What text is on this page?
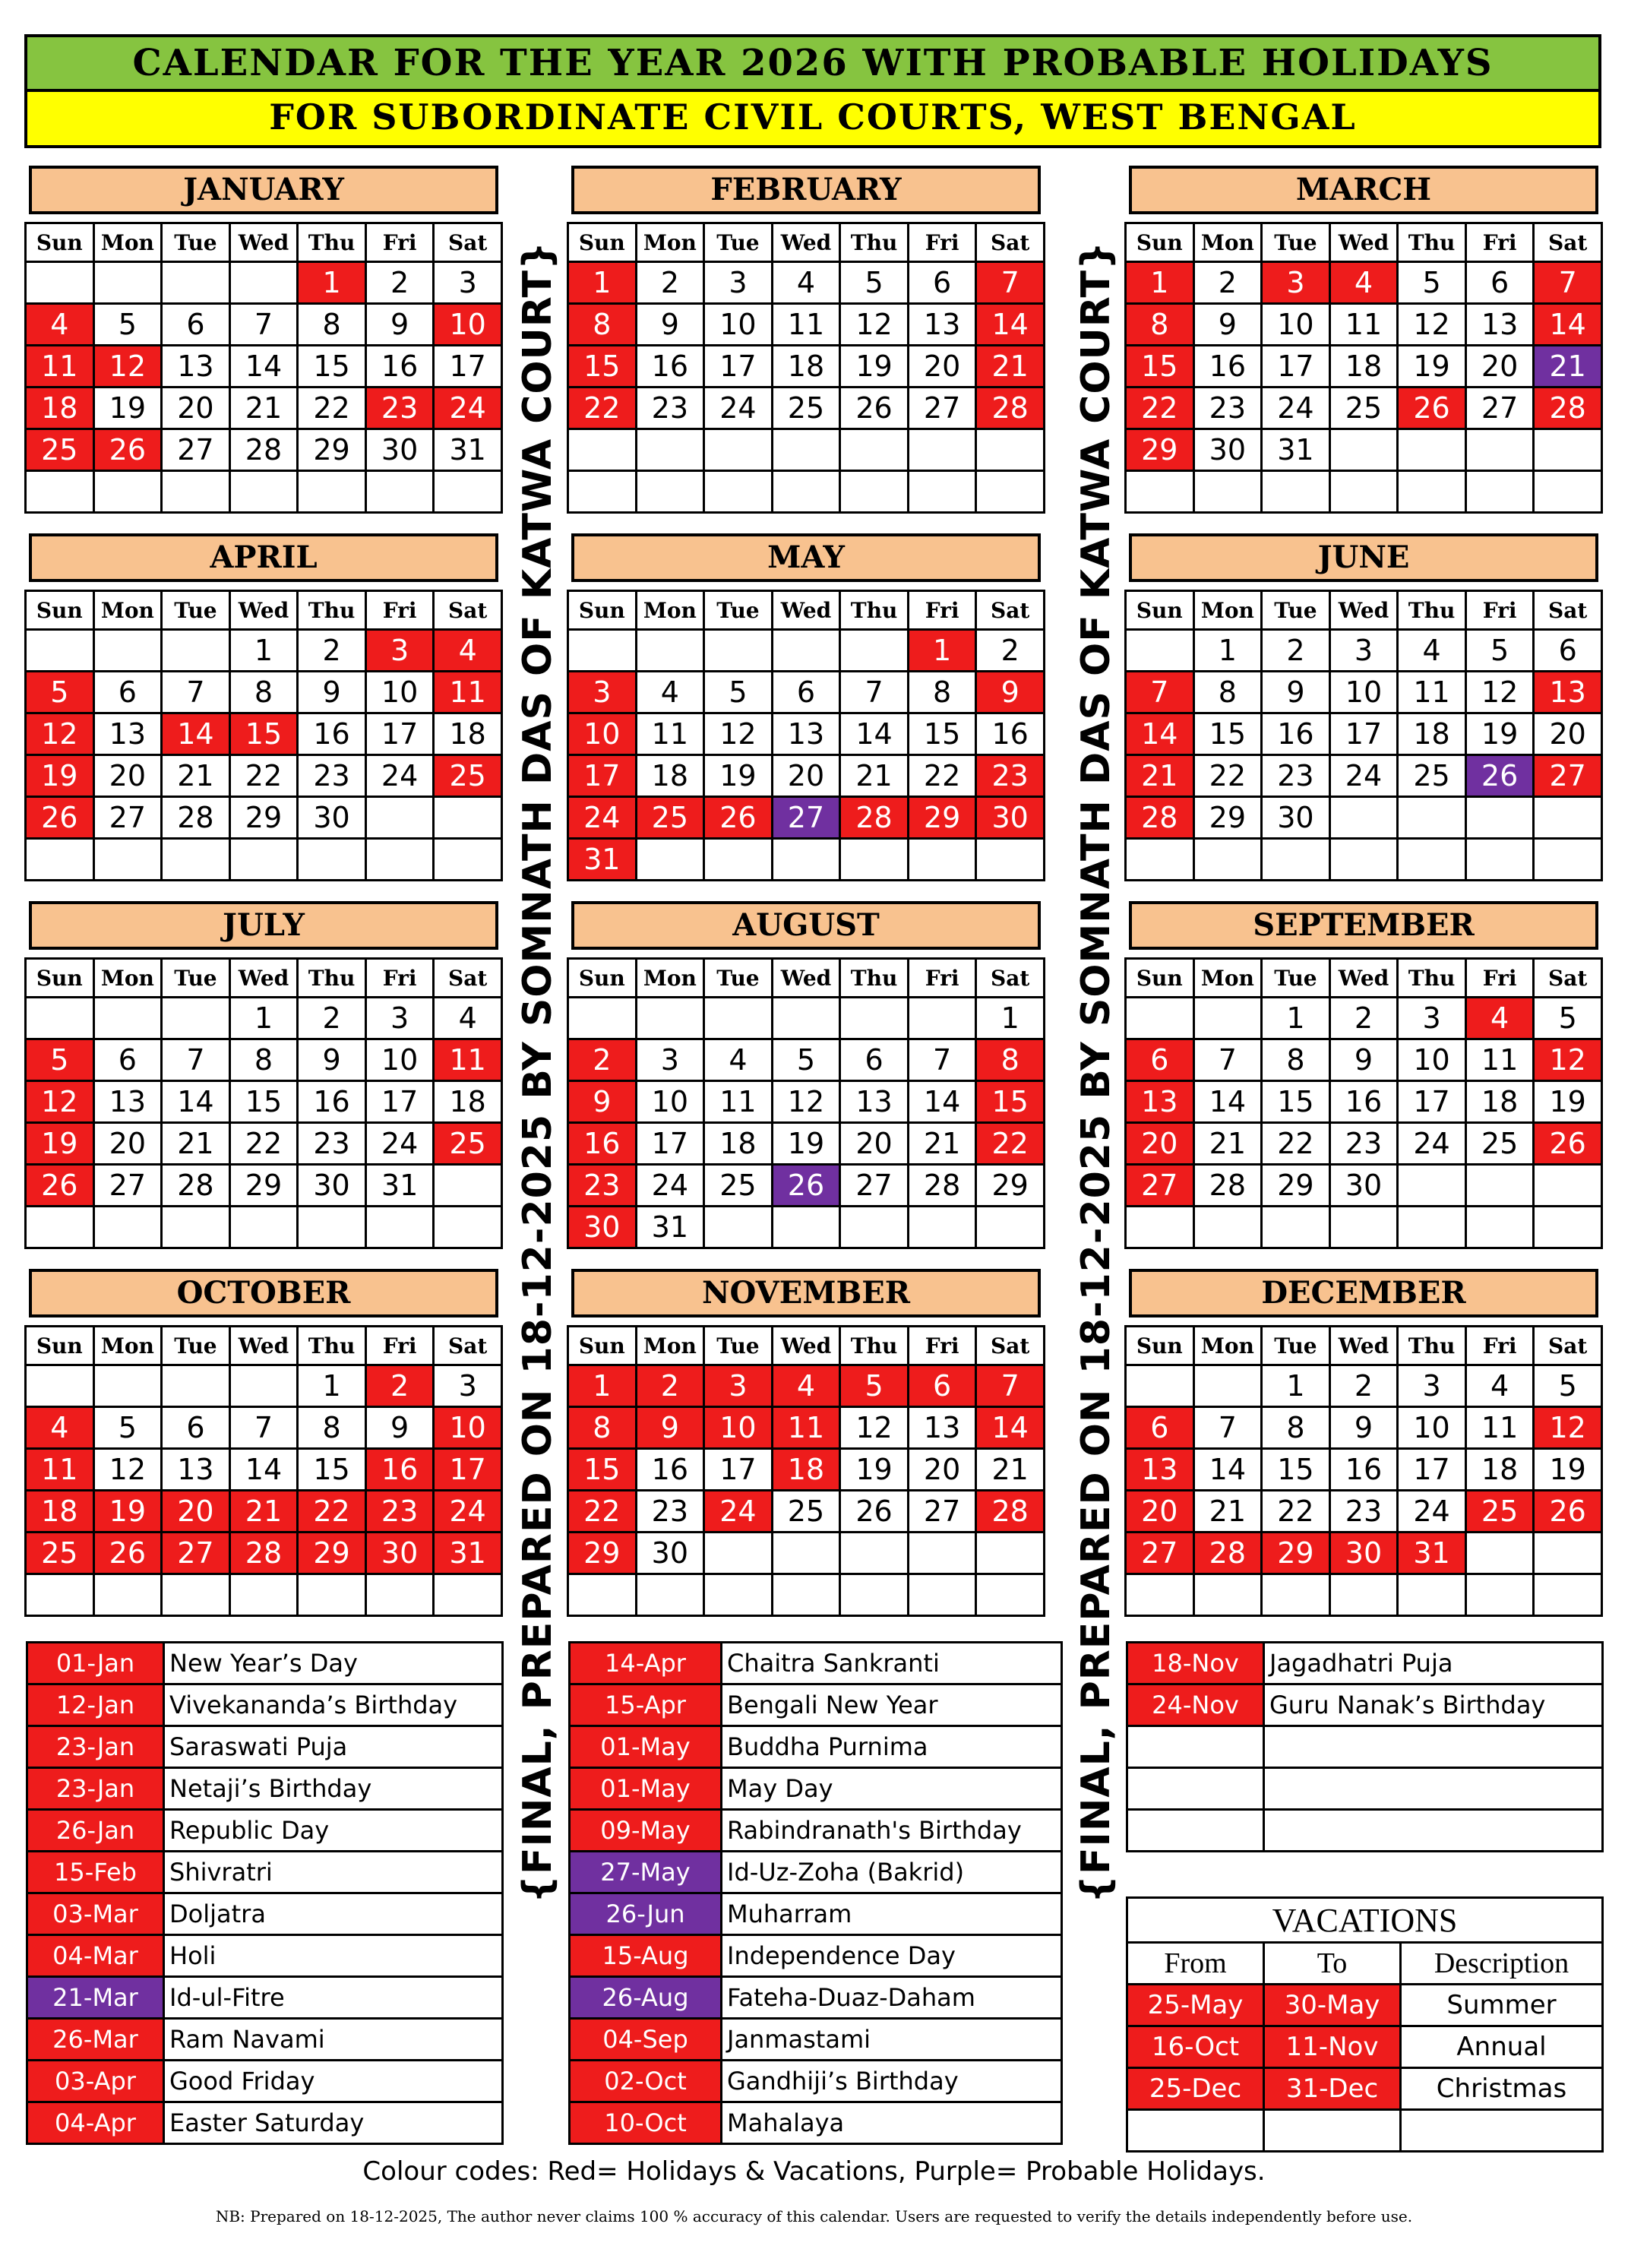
CALENDAR FOR THE YEAR 2026 WITH PROBABLE HOLIDAYS
FOR SUBORDINATE CIVIL COURTS, WEST BENGAL
JANUARY
Sun	Mon	Tue	Wed	Thu	Fri	Sat
				1	2	3
4	5	6	7	8	9	10
11	12	13	14	15	16	17
18	19	20	21	22	23	24
25	26	27	28	29	30	31

FEBRUARY
Sun	Mon	Tue	Wed	Thu	Fri	Sat
1	2	3	4	5	6	7
8	9	10	11	12	13	14
15	16	17	18	19	20	21
22	23	24	25	26	27	28

MARCH
Sun	Mon	Tue	Wed	Thu	Fri	Sat
1	2	3	4	5	6	7
8	9	10	11	12	13	14
15	16	17	18	19	20	21
22	23	24	25	26	27	28
29	30	31				

APRIL
Sun	Mon	Tue	Wed	Thu	Fri	Sat
			1	2	3	4
5	6	7	8	9	10	11
12	13	14	15	16	17	18
19	20	21	22	23	24	25
26	27	28	29	30		

MAY
Sun	Mon	Tue	Wed	Thu	Fri	Sat
					1	2
3	4	5	6	7	8	9
10	11	12	13	14	15	16
17	18	19	20	21	22	23
24	25	26	27	28	29	30
31						
JUNE
Sun	Mon	Tue	Wed	Thu	Fri	Sat
	1	2	3	4	5	6
7	8	9	10	11	12	13
14	15	16	17	18	19	20
21	22	23	24	25	26	27
28	29	30				

JULY
Sun	Mon	Tue	Wed	Thu	Fri	Sat
			1	2	3	4
5	6	7	8	9	10	11
12	13	14	15	16	17	18
19	20	21	22	23	24	25
26	27	28	29	30	31	

AUGUST
Sun	Mon	Tue	Wed	Thu	Fri	Sat
						1
2	3	4	5	6	7	8
9	10	11	12	13	14	15
16	17	18	19	20	21	22
23	24	25	26	27	28	29
30	31					
SEPTEMBER
Sun	Mon	Tue	Wed	Thu	Fri	Sat
		1	2	3	4	5
6	7	8	9	10	11	12
13	14	15	16	17	18	19
20	21	22	23	24	25	26
27	28	29	30			

OCTOBER
Sun	Mon	Tue	Wed	Thu	Fri	Sat
				1	2	3
4	5	6	7	8	9	10
11	12	13	14	15	16	17
18	19	20	21	22	23	24
25	26	27	28	29	30	31

NOVEMBER
Sun	Mon	Tue	Wed	Thu	Fri	Sat
1	2	3	4	5	6	7
8	9	10	11	12	13	14
15	16	17	18	19	20	21
22	23	24	25	26	27	28
29	30					

DECEMBER
Sun	Mon	Tue	Wed	Thu	Fri	Sat
		1	2	3	4	5
6	7	8	9	10	11	12
13	14	15	16	17	18	19
20	21	22	23	24	25	26
27	28	29	30	31		

{FINAL, PREPARED ON 18-12-2025 BY SOMNATH DAS OF KATWA COURT}	{FINAL, PREPARED ON 18-12-2025 BY SOMNATH DAS OF KATWA COURT}
01-Jan	New Year’s Day
12-Jan	Vivekananda’s Birthday
23-Jan	Saraswati Puja
23-Jan	Netaji’s Birthday
26-Jan	Republic Day
15-Feb	Shivratri
03-Mar	Doljatra
04-Mar	Holi
21-Mar	Id-ul-Fitre
26-Mar	Ram Navami
03-Apr	Good Friday
04-Apr	Easter Saturday
14-Apr	Chaitra Sankranti
15-Apr	Bengali New Year
01-May	Buddha Purnima
01-May	May Day
09-May	Rabindranath's Birthday
27-May	Id-Uz-Zoha (Bakrid)
26-Jun	Muharram
15-Aug	Independence Day
26-Aug	Fateha-Duaz-Daham
04-Sep	Janmastami
02-Oct	Gandhiji’s Birthday
10-Oct	Mahalaya
18-Nov	Jagadhatri Puja
24-Nov	Guru Nanak’s Birthday

VACATIONS		
From	To	Description
25-May	30-May	Summer
16-Oct	11-Nov	Annual
25-Dec	31-Dec	Christmas

Colour codes: Red= Holidays & Vacations, Purple= Probable Holidays.
NB: Prepared on 18-12-2025, The author never claims 100 % accuracy of this calendar. Users are requested to verify the details independently before use.
